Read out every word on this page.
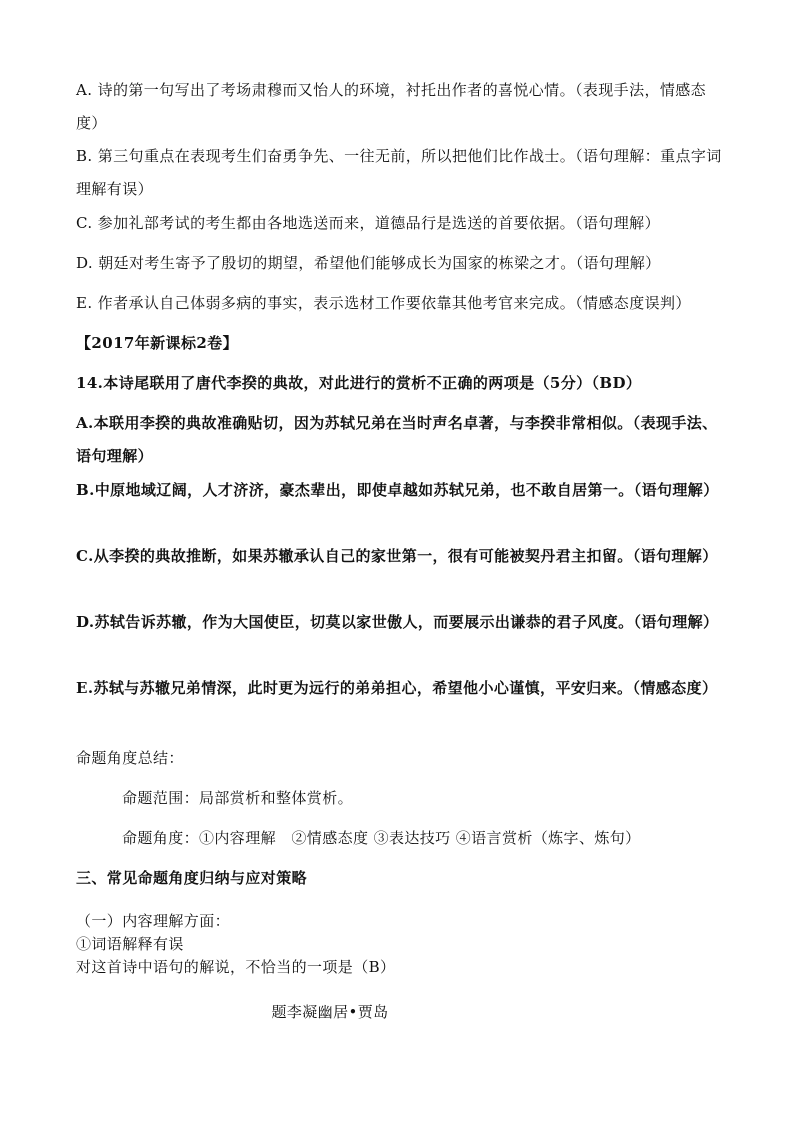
A. 诗的第一句写出了考场肃穆而又怡人的环境，衬托出作者的喜悦心情。（表现手法，情感态度）
B. 第三句重点在表现考生们奋勇争先、一往无前，所以把他们比作战士。（语句理解：重点字词理解有误）
C. 参加礼部考试的考生都由各地选送而来，道德品行是选送的首要依据。（语句理解）
D. 朝廷对考生寄予了殷切的期望，希望他们能够成长为国家的栋梁之才。（语句理解）
E. 作者承认自己体弱多病的事实，表示选材工作要依靠其他考官来完成。（情感态度误判）
【2017年新课标2卷】
14.本诗尾联用了唐代李揆的典故，对此进行的赏析不正确的两项是（5分）（BD）
A.本联用李揆的典故准确贴切，因为苏轼兄弟在当时声名卓著，与李揆非常相似。（表现手法、语句理解）
B.中原地域辽阔，人才济济，豪杰辈出，即使卓越如苏轼兄弟，也不敢自居第一。（语句理解）
C.从李揆的典故推断，如果苏辙承认自己的家世第一，很有可能被契丹君主扣留。（语句理解）
D.苏轼告诉苏辙，作为大国使臣，切莫以家世傲人，而要展示出谦恭的君子风度。（语句理解）
E.苏轼与苏辙兄弟情深，此时更为远行的弟弟担心，希望他小心谨慎，平安归来。（情感态度）
命题角度总结：
命题范围：局部赏析和整体赏析。
命题角度：①内容理解　②情感态度 ③表达技巧 ④语言赏析（炼字、炼句）
三、常见命题角度归纳与应对策略
（一）内容理解方面：
①词语解释有误
对这首诗中语句的解说，不恰当的一项是（B）
题李凝幽居•贾岛
